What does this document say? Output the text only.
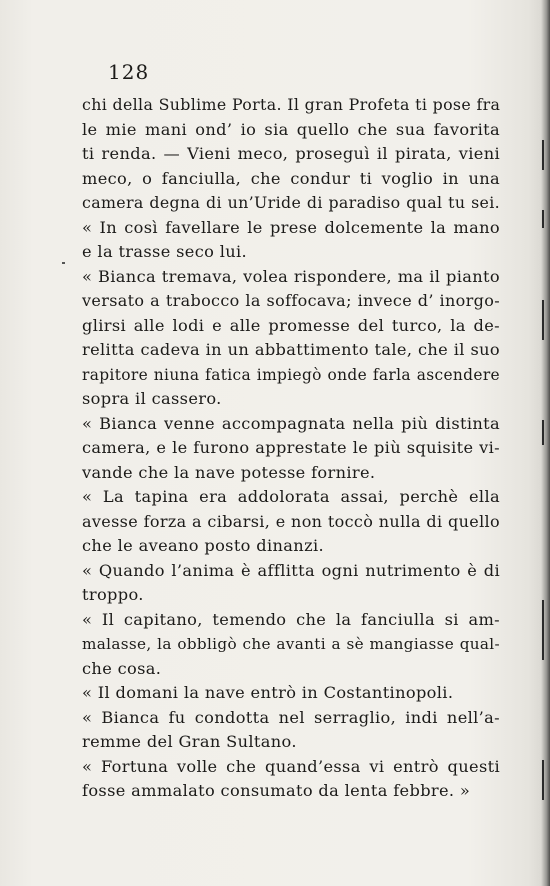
128
chi della Sublime Porta. Il gran Profeta ti pose fra
le mie mani ond’ io sia quello che sua favorita
ti renda. — Vieni meco, proseguì il pirata, vieni
meco, o fanciulla, che condur ti voglio in una
camera degna di un’Uride di paradiso qual tu sei.
« In così favellare le prese dolcemente la mano
e la trasse seco lui.
« Bianca tremava, volea rispondere, ma il pianto
versato a trabocco la soffocava; invece d’ inorgo-
glirsi alle lodi e alle promesse del turco, la de-
relitta cadeva in un abbattimento tale, che il suo
rapitore niuna fatica impiegò onde farla ascendere
sopra il cassero.
« Bianca venne accompagnata nella più distinta
camera, e le furono apprestate le più squisite vi-
vande che la nave potesse fornire.
« La tapina era addolorata assai, perchè ella
avesse forza a cibarsi, e non toccò nulla di quello
che le aveano posto dinanzi.
« Quando l’anima è afflitta ogni nutrimento è di
troppo.
« Il capitano, temendo che la fanciulla si am-
malasse, la obbligò che avanti a sè mangiasse qual-
che cosa.
« Il domani la nave entrò in Costantinopoli.
« Bianca fu condotta nel serraglio, indi nell’a-
remme del Gran Sultano.
« Fortuna volle che quand’essa vi entrò questi
fosse ammalato consumato da lenta febbre. »
